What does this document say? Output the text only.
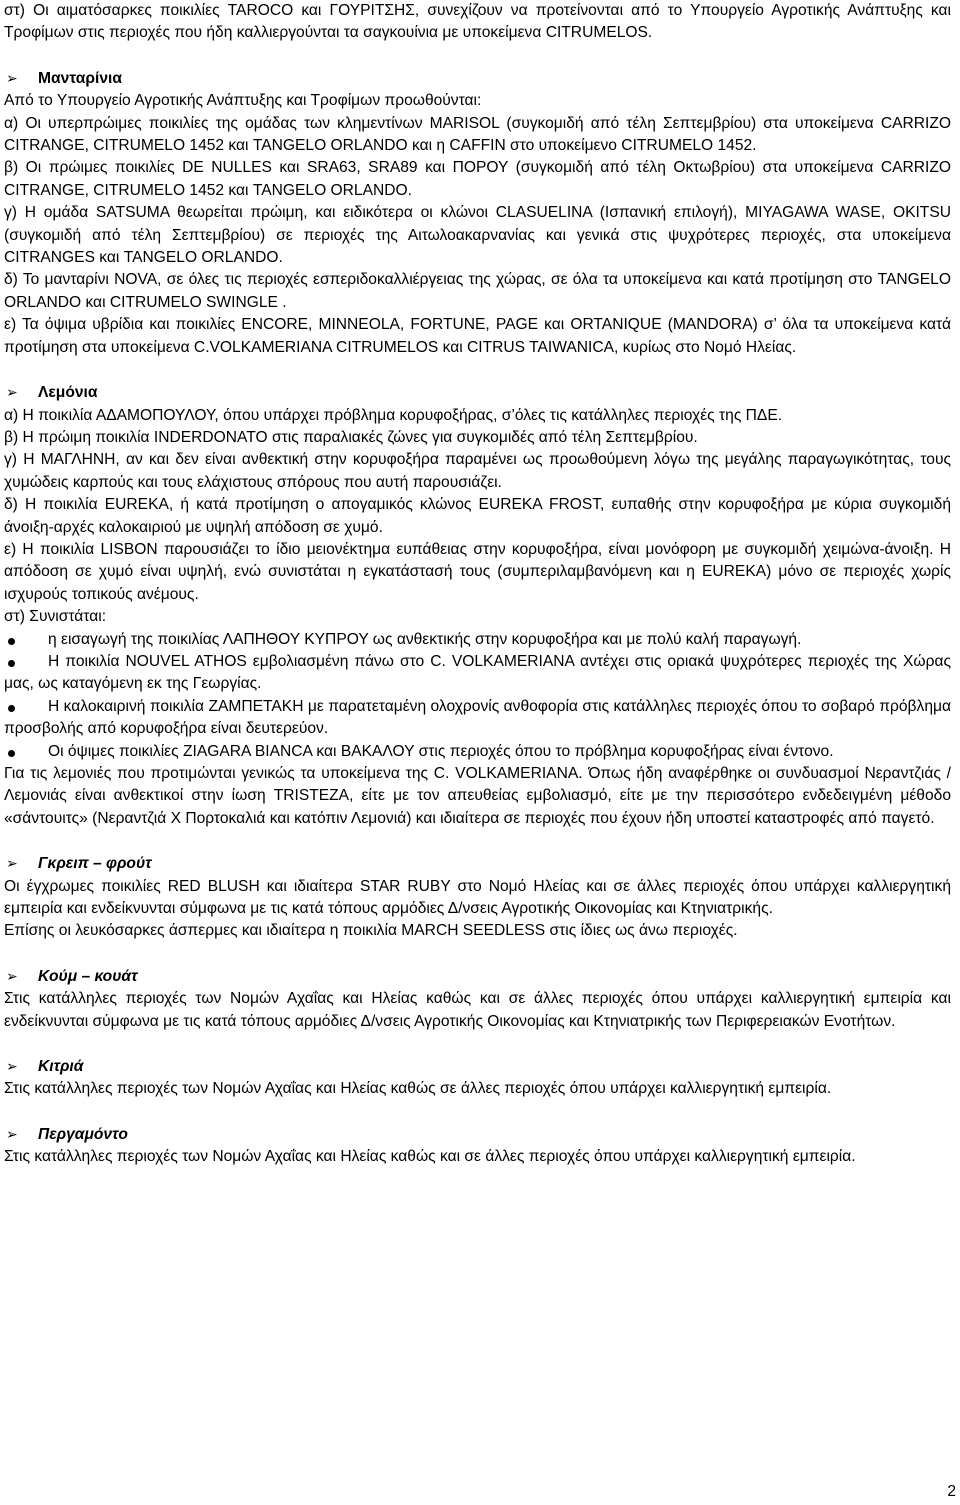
στ) Οι αιματόσαρκες ποικιλίες TAROCO και ΓΟΥΡΙΤΣΗΣ, συνεχίζουν να προτείνονται από το Υπουργείο Αγροτικής Ανάπτυξης και Τροφίμων στις περιοχές που ήδη καλλιεργούνται τα σαγκουίνια με υποκείμενα CITRUMELOS.

➢	Μανταρίνια

Από το Υπουργείο Αγροτικής Ανάπτυξης και Τροφίμων προωθούνται:

α) Οι υπερπρώιμες ποικιλίες της ομάδας των κλημεντίνων MARISOL (συγκομιδή από τέλη Σεπτεμβρίου) στα υποκείμενα CARRIZO CITRANGE, CITRUMELO 1452 και TANGELO ORLANDO και η CAFFIN στο υποκείμενο CITRUMELO 1452.

β) Οι πρώιμες ποικιλίες DE NULLES και SRA63, SRA89 και ΠΟΡΟΥ (συγκομιδή από τέλη Οκτωβρίου) στα υποκείμενα CARRIZO CITRANGE, CITRUMELO 1452 και TANGELO ORLANDO.

γ) Η ομάδα SATSUMA θεωρείται πρώιμη, και ειδικότερα οι κλώνοι CLASUELINA (Ισπανική επιλογή), MIYAGAWA WASE, OKITSU (συγκομιδή από τέλη Σεπτεμβρίου) σε περιοχές της Αιτωλοακαρνανίας και γενικά στις ψυχρότερες περιοχές, στα υποκείμενα CITRANGES και TANGELO ORLANDO.

δ) Το μανταρίνι NOVA, σε όλες τις περιοχές εσπεριδοκαλλιέργειας της χώρας, σε όλα τα υποκείμενα και κατά προτίμηση στο TANGELO ORLANDO και CITRUMELO SWINGLE .

ε) Τα όψιμα υβρίδια και ποικιλίες ENCORE, MINNEOLA, FORTUNE, PAGE και ORTANIQUE (MANDORA) σ’ όλα τα υποκείμενα κατά προτίμηση στα υποκείμενα C.VOLKAMERIANA CITRUMELOS και CITRUS TAIWANICA, κυρίως στο Νομό Ηλείας.

➢	Λεμόνια

α) Η ποικιλία ΑΔΑΜΟΠΟΥΛΟΥ, όπου υπάρχει πρόβλημα κορυφοξήρας, σ’όλες τις κατάλληλες περιοχές της ΠΔΕ.

β) Η πρώιμη ποικιλία INDERDONATO στις παραλιακές ζώνες για συγκομιδές από τέλη Σεπτεμβρίου.

γ) Η ΜΑΓΛΗΝΗ, αν και δεν είναι ανθεκτική στην κορυφοξήρα παραμένει ως προωθούμενη λόγω της μεγάλης παραγωγικότητας, τους χυμώδεις καρπούς και τους ελάχιστους σπόρους που αυτή παρουσιάζει.

δ) Η ποικιλία EUREKA, ή κατά προτίμηση ο απογαμικός κλώνος EUREKA FROST, ευπαθής στην κορυφοξήρα με κύρια συγκομιδή άνοιξη-αρχές καλοκαιριού με υψηλή απόδοση σε χυμό.

ε) Η ποικιλία LISBON παρουσιάζει το ίδιο μειονέκτημα ευπάθειας στην κορυφοξήρα, είναι μονόφορη με συγκομιδή χειμώνα-άνοιξη. Η απόδοση σε χυμό είναι υψηλή, ενώ συνιστάται η εγκατάστασή τους (συμπεριλαμβανόμενη και η EUREKA) μόνο σε περιοχές χωρίς ισχυρούς τοπικούς ανέμους.

στ) Συνιστάται:

η εισαγωγή της ποικιλίας ΛΑΠΗΘΟΥ ΚΥΠΡΟΥ ως ανθεκτικής στην κορυφοξήρα και με πολύ καλή παραγωγή.
Η ποικιλία NOUVEL ATHOS εμβολιασμένη πάνω στο C. VOLKAMERIANA αντέχει στις οριακά ψυχρότερες περιοχές της Χώρας μας, ως καταγόμενη εκ της Γεωργίας.
Η καλοκαιρινή ποικιλία ΖΑΜΠΕΤΑΚΗ με παρατεταμένη ολοχρονίς ανθοφορία στις κατάλληλες περιοχές όπου το σοβαρό πρόβλημα προσβολής από κορυφοξήρα είναι δευτερεύον.
Οι όψιμες ποικιλίες ZIAGARA BIANCA και ΒΑΚΑΛΟΥ στις περιοχές όπου το πρόβλημα κορυφοξήρας είναι έντονο.

Για τις λεμονιές που προτιμώνται γενικώς τα υποκείμενα της C. VOLKAMERIANA. Όπως ήδη αναφέρθηκε οι συνδυασμοί Νεραντζιάς / Λεμονιάς είναι ανθεκτικοί στην ίωση TRISTEZA, είτε με τον απευθείας εμβολιασμό, είτε με την περισσότερο ενδεδειγμένη μέθοδο «σάντουιτς» (Νεραντζιά Χ Πορτοκαλιά και κατόπιν Λεμονιά) και ιδιαίτερα σε περιοχές που έχουν ήδη υποστεί καταστροφές από παγετό.

➢	Γκρειπ – φρούτ

Οι έγχρωμες ποικιλίες RED BLUSH και ιδιαίτερα STAR RUBY στο Νομό Ηλείας και σε άλλες περιοχές όπου υπάρχει καλλιεργητική εμπειρία και ενδείκνυνται σύμφωνα με τις κατά τόπους αρμόδιες Δ/νσεις Αγροτικής Οικονομίας και Κτηνιατρικής.

Επίσης οι λευκόσαρκες άσπερμες και ιδιαίτερα η ποικιλία MARCH SEEDLESS στις ίδιες ως άνω περιοχές.

➢	Κούμ – κουάτ

Στις κατάλληλες περιοχές των Νομών Αχαΐας και Ηλείας καθώς και σε άλλες περιοχές όπου υπάρχει καλλιεργητική εμπειρία και ενδείκνυνται σύμφωνα με τις κατά τόπους αρμόδιες Δ/νσεις Αγροτικής Οικονομίας και Κτηνιατρικής των Περιφερειακών Ενοτήτων.

➢	Κιτριά

Στις κατάλληλες περιοχές των Νομών Αχαΐας και Ηλείας καθώς σε άλλες περιοχές όπου υπάρχει καλλιεργητική εμπειρία.

➢	Περγαμόντο

Στις κατάλληλες περιοχές των Νομών Αχαΐας και Ηλείας καθώς και σε άλλες περιοχές όπου υπάρχει καλλιεργητική εμπειρία.

2
